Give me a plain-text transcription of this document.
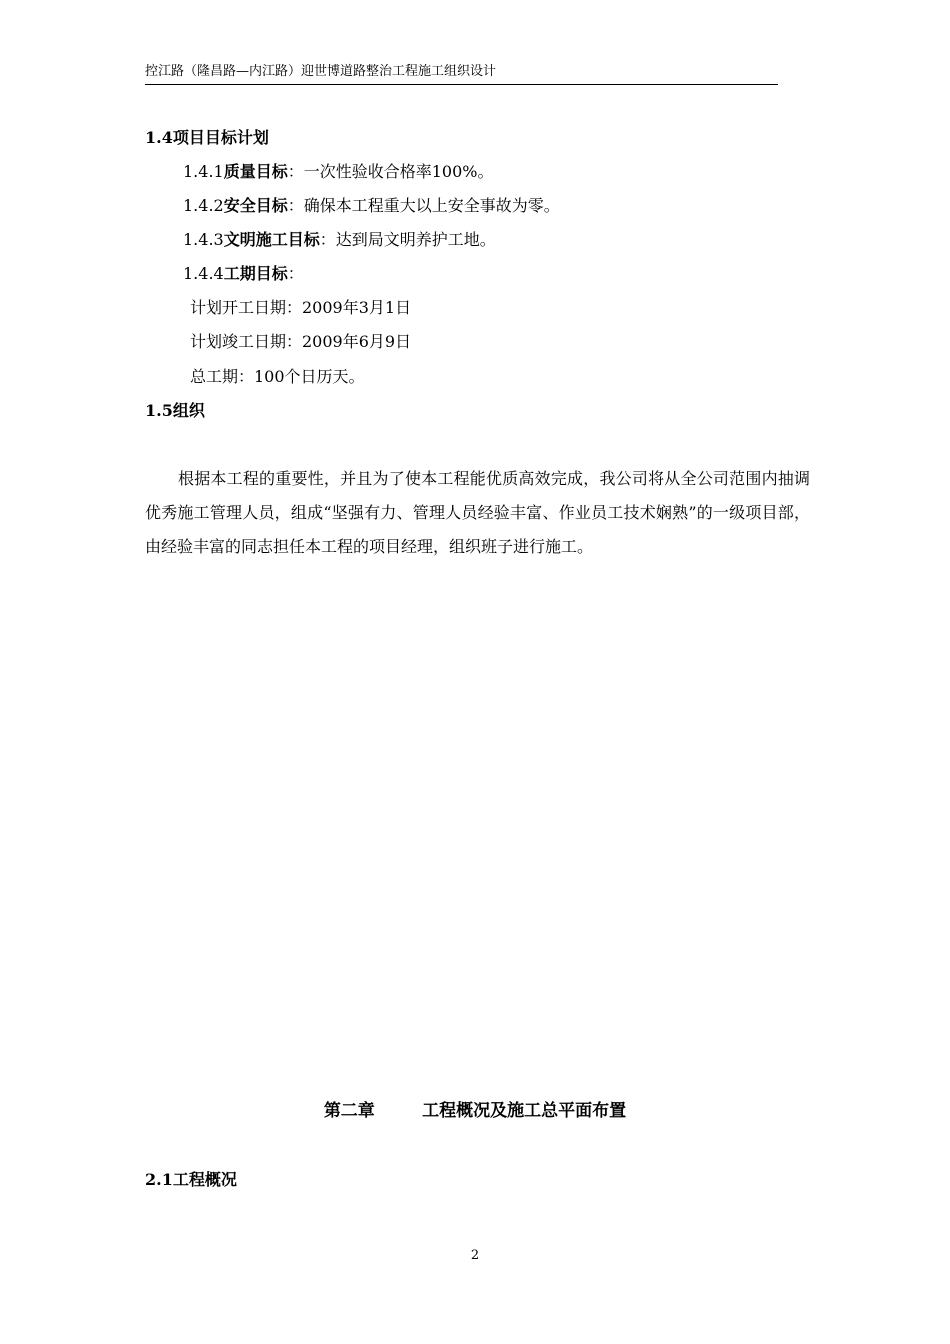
控江路（隆昌路—内江路）迎世博道路整治工程施工组织设计
1.4项目目标计划
1.4.1质量目标：一次性验收合格率100%。
1.4.2安全目标：确保本工程重大以上安全事故为零。
1.4.3文明施工目标：达到局文明养护工地。
1.4.4工期目标：
计划开工日期：2009年3月1日
计划竣工日期：2009年6月9日
总工期：100个日历天。
1.5组织
根据本工程的重要性，并且为了使本工程能优质高效完成，我公司将从全公司范围内抽调优秀施工管理人员，组成“坚强有力、管理人员经验丰富、作业员工技术娴熟”的一级项目部，由经验丰富的同志担任本工程的项目经理，组织班子进行施工。
第二章        工程概况及施工总平面布置
2.1工程概况
2
